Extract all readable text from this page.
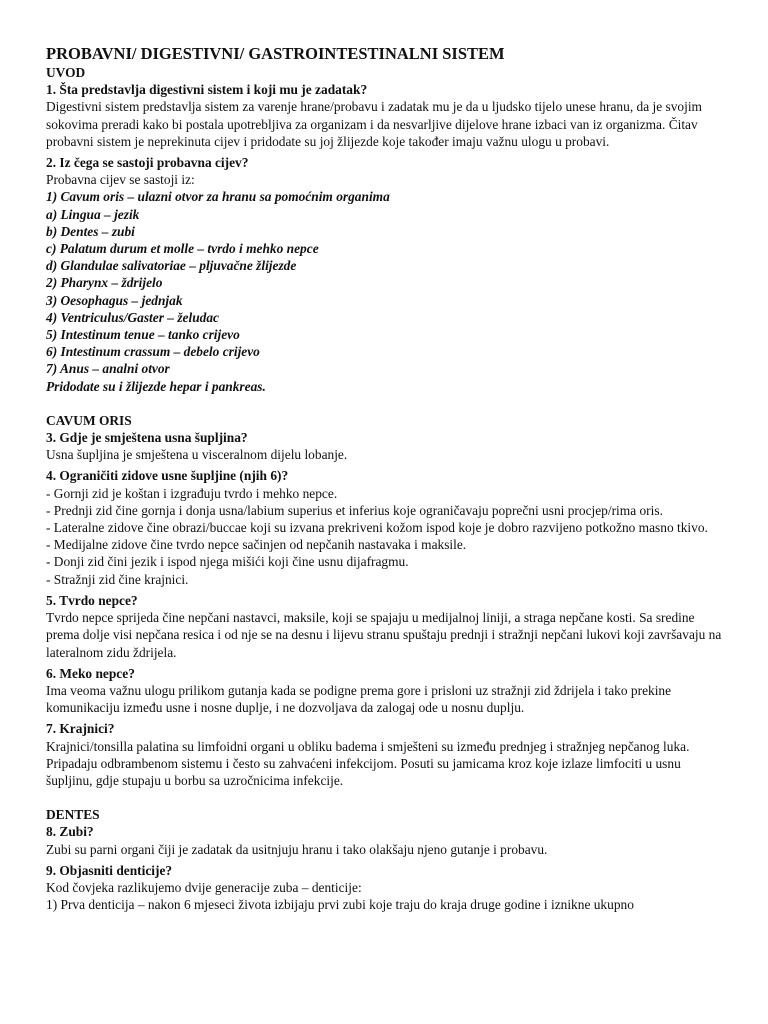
PROBAVNI/ DIGESTIVNI/ GASTROINTESTINALNI SISTEM

UVOD

1. Šta predstavlja digestivni sistem i koji mu je zadatak?

Digestivni sistem predstavlja sistem za varenje hrane/probavu i zadatak mu je da u ljudsko tijelo unese hranu, da je svojim sokovima preradi kako bi postala upotrebljiva za organizam i da nesvarljive dijelove hrane izbaci van iz organizma. Čitav probavni sistem je neprekinuta cijev i pridodate su joj žlijezde koje također imaju važnu ulogu u probavi.

2. Iz čega se sastoji probavna cijev?

Probavna cijev se sastoji iz:

1) Cavum oris – ulazni otvor za hranu sa pomoćnim organima

a) Lingua – jezik

b) Dentes – zubi

c) Palatum durum et molle – tvrdo i mehko nepce

d) Glandulae salivatoriae – pljuvačne žlijezde

2) Pharynx – ždrijelo

3) Oesophagus – jednjak

4) Ventriculus/Gaster – želudac

5) Intestinum tenue – tanko crijevo

6) Intestinum crassum – debelo crijevo

7) Anus – analni otvor

Pridodate su i žlijezde hepar i pankreas.

CAVUM ORIS

3. Gdje je smještena usna šupljina?

Usna šupljina je smještena u visceralnom dijelu lobanje.

4. Ograničiti zidove usne šupljine (njih 6)?

- Gornji zid je koštan i izgrađuju tvrdo i mehko nepce.

- Prednji zid čine gornja i donja usna/labium superius et inferius koje ograničavaju poprečni usni procjep/rima oris.

- Lateralne zidove čine obrazi/buccae koji su izvana prekriveni kožom ispod koje je dobro razvijeno potkožno masno tkivo.

- Medijalne zidove čine tvrdo nepce sačinjen od nepčanih nastavaka i maksile.

- Donji zid čini jezik i ispod njega mišići koji čine usnu dijafragmu.

- Stražnji zid čine krajnici.

5. Tvrdo nepce?

Tvrdo nepce sprijeda čine nepčani nastavci, maksile, koji se spajaju u medijalnoj liniji, a straga nepčane kosti. Sa sredine prema dolje visi nepčana resica i od nje se na desnu i lijevu stranu spuštaju prednji i stražnji nepčani lukovi koji završavaju na lateralnom zidu ždrijela.

6. Meko nepce?

Ima veoma važnu ulogu prilikom gutanja kada se podigne prema gore i prisloni uz stražnji zid ždrijela i tako prekine komunikaciju između usne i nosne duplje, i ne dozvoljava da zalogaj ode u nosnu duplju.

7. Krajnici?

Krajnici/tonsilla palatina su limfoidni organi u obliku badema i smješteni su između prednjeg i stražnjeg nepčanog luka. Pripadaju odbrambenom sistemu i često su zahvaćeni infekcijom. Posuti su jamicama kroz koje izlaze limfociti u usnu šupljinu, gdje stupaju u borbu sa uzročnicima infekcije.

DENTES

8. Zubi?

Zubi su parni organi čiji je zadatak da usitnjuju hranu i tako olakšaju njeno gutanje i probavu.

9. Objasniti denticije?

Kod čovjeka razlikujemo dvije generacije zuba – denticije:

1) Prva denticija – nakon 6 mjeseci života izbijaju prvi zubi koje traju do kraja druge godine i iznikne ukupno
